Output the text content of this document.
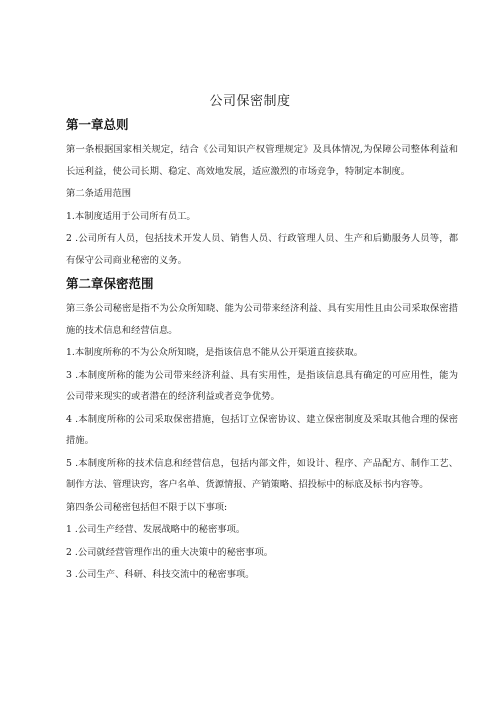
公司保密制度
第一章总则

第一条根据国家相关规定，结合《公司知识产权管理规定》及具体情况,为保障公司整体利益和长远利益，使公司长期、稳定、高效地发展，适应激烈的市场竞争，特制定本制度。

第二条适用范围

1.本制度适用于公司所有员工。

2 .公司所有人员，包括技术开发人员、销售人员、行政管理人员、生产和后勤服务人员等，都有保守公司商业秘密的义务。

第二章保密范围

第三条公司秘密是指不为公众所知晓、能为公司带来经济利益、具有实用性且由公司采取保密措施的技术信息和经营信息。

1.本制度所称的不为公众所知晓，是指该信息不能从公开渠道直接获取。

3 .本制度所称的能为公司带来经济利益、具有实用性，是指该信息具有确定的可应用性，能为公司带来现实的或者潜在的经济利益或者竞争优势。

4 .本制度所称的公司采取保密措施，包括订立保密协议、建立保密制度及采取其他合理的保密措施。

5 .本制度所称的技术信息和经营信息，包括内部文件，如设计、程序、产品配方、制作工艺、制作方法、管理诀窍，客户名单、货源情报、产销策略、招投标中的标底及标书内容等。

第四条公司秘密包括但不限于以下事项:

1 .公司生产经营、发展战略中的秘密事项。

2 .公司就经营管理作出的重大决策中的秘密事项。

3 .公司生产、科研、科技交流中的秘密事项。
